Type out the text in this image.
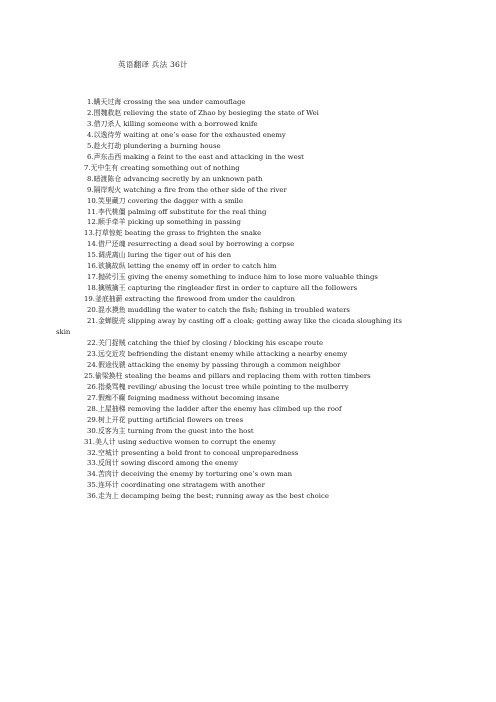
英语翻译 兵法 36计
1.瞒天过海 crossing the sea under camouflage
2.围魏救赵 relieving the state of Zhao by besieging the state of Wei
3.借刀杀人 killing someone with a borrowed knife
4.以逸待劳 waiting at one’s ease for the exhausted enemy
5.趁火打劫 plundering a burning house
6.声东击西 making a feint to the east and attacking in the west
7.无中生有 creating something out of nothing
8.暗渡陈仓 advancing secretly by an unknown path
9.隔岸观火 watching a fire from the other side of the river
10.笑里藏刀 covering the dagger with a smile
11.李代桃僵 palming off substitute for the real thing
12.顺手牵羊 picking up something in passing
13.打草惊蛇 beating the grass to frighten the snake
14.借尸还魂 resurrecting a dead soul by borrowing a corpse
15.调虎离山 luring the tiger out of his den
16.欲擒故纵 letting the enemy off in order to catch him
17.抛砖引玉 giving the enemy something to induce him to lose more valuable things
18.擒贼擒王 capturing the ringleader first in order to capture all the followers
19.釜底抽薪 extracting the firewood from under the cauldron
20.混水摸鱼 muddling the water to catch the fish; fishing in troubled waters
21.金蝉脱壳 slipping away by casting off a cloak; getting away like the cicada sloughing its
skin
22.关门捉贼 catching the thief by closing / blocking his escape route
23.远交近攻 befriending the distant enemy while attacking a nearby enemy
24.假途伐虢 attacking the enemy by passing through a common neighbor
25.偷梁换柱 stealing the beams and pillars and replacing them with rotten timbers
26.指桑骂槐 reviling/ abusing the locust tree while pointing to the mulberry
27.假痴不癫 feigning madness without becoming insane
28.上屋抽梯 removing the ladder after the enemy has climbed up the roof
29.树上开花 putting artificial flowers on trees
30.反客为主 turning from the guest into the host
31.美人计 using seductive women to corrupt the enemy
32.空城计 presenting a bold front to conceal unpreparedness
33.反间计 sowing discord among the enemy
34.苦肉计 deceiving the enemy by torturing one’s own man
35.连环计 coordinating one stratagem with another
36.走为上 decamping being the best; running away as the best choice
